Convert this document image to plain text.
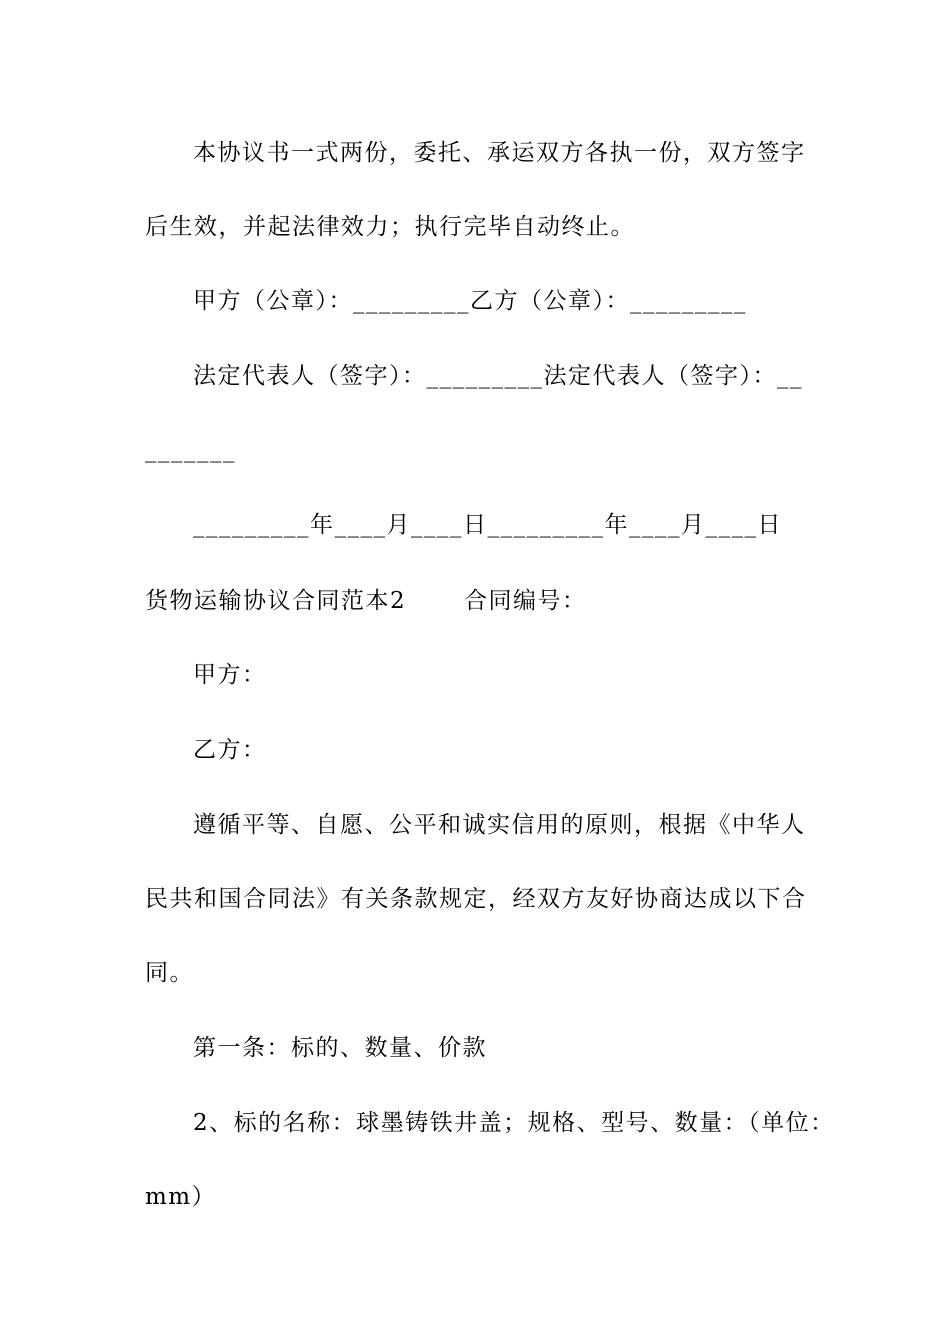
本协议书一式两份，委托、承运双方各执一份，双方签字
后生效，并起法律效力；执行完毕自动终止。
甲方（公章）：_________乙方（公章）：_________
法定代表人（签字）：_________法定代表人（签字）：__
_______
_________年____月____日_________年____月____日
货物运输协议合同范本2　　 合同编号：
甲方：
乙方：
遵循平等、自愿、公平和诚实信用的原则，根据《中华人
民共和国合同法》有关条款规定，经双方友好协商达成以下合
同。
第一条：标的、数量、价款
2、标的名称：球墨铸铁井盖；规格、型号、数量：（单位：
mm）
